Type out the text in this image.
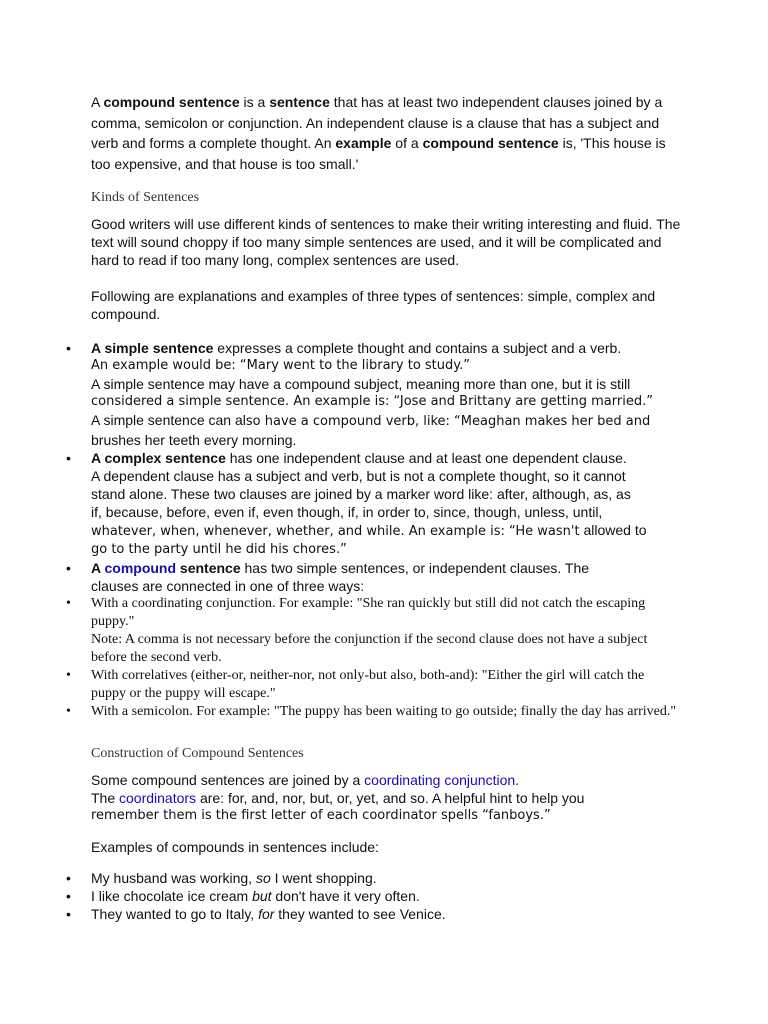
A compound sentence is a sentence that has at least two independent clauses joined by a comma, semicolon or conjunction. An independent clause is a clause that has a subject and verb and forms a complete thought. An example of a compound sentence is, 'This house is too expensive, and that house is too small.'

Kinds of Sentences

Good writers will use different kinds of sentences to make their writing interesting and fluid. The text will sound choppy if too many simple sentences are used, and it will be complicated and hard to read if too many long, complex sentences are used.

Following are explanations and examples of three types of sentences: simple, complex and compound.

• A simple sentence expresses a complete thought and contains a subject and a verb.
An example would be: “Mary went to the library to study.”
A simple sentence may have a compound subject, meaning more than one, but it is still
considered a simple sentence. An example is: “Jose and Brittany are getting married.”
A simple sentence can also have a compound verb, like: “Meaghan makes her bed and
brushes her teeth every morning.
• A complex sentence has one independent clause and at least one dependent clause.
A dependent clause has a subject and verb, but is not a complete thought, so it cannot
stand alone. These two clauses are joined by a marker word like: after, although, as, as
if, because, before, even if, even though, if, in order to, since, though, unless, until,
whatever, when, whenever, whether, and while. An example is: “He wasn't allowed to
go to the party until he did his chores.”
• A compound sentence has two simple sentences, or independent clauses. The
clauses are connected in one of three ways:
• With a coordinating conjunction. For example: "She ran quickly but still did not catch the escaping puppy."
Note: A comma is not necessary before the conjunction if the second clause does not have a subject before the second verb.
• With correlatives (either-or, neither-nor, not only-but also, both-and): "Either the girl will catch the puppy or the puppy will escape."
• With a semicolon. For example: "The puppy has been waiting to go outside; finally the day has arrived."
Construction of Compound Sentences
Some compound sentences are joined by a coordinating conjunction.
The coordinators are: for, and, nor, but, or, yet, and so. A helpful hint to help you
remember them is the first letter of each coordinator spells “fanboys.”

Examples of compounds in sentences include:

• My husband was working, so I went shopping.
• I like chocolate ice cream but don't have it very often.
• They wanted to go to Italy, for they wanted to see Venice.
